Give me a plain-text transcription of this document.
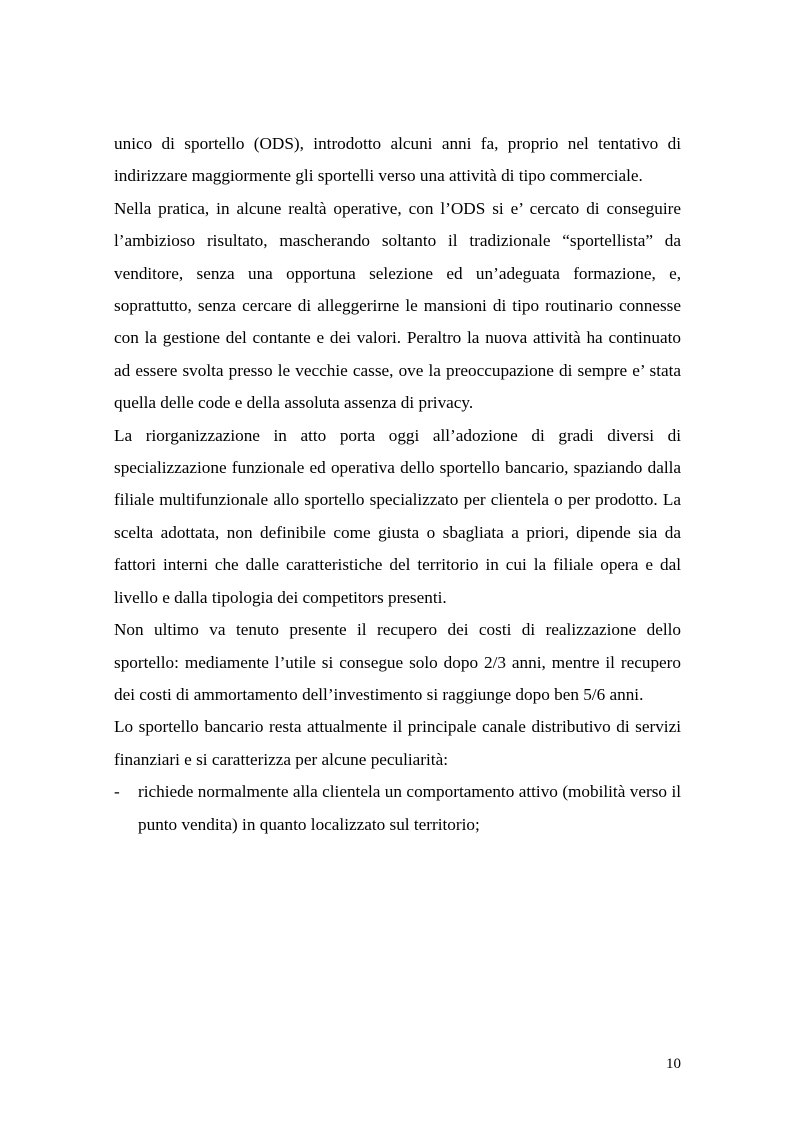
unico di sportello (ODS), introdotto alcuni anni fa, proprio nel tentativo di indirizzare maggiormente gli sportelli verso una attività di tipo commerciale.

Nella pratica, in alcune realtà operative, con l’ODS si e’ cercato di conseguire l’ambizioso risultato, mascherando soltanto il tradizionale “sportellista” da venditore, senza una opportuna selezione ed un’adeguata formazione, e, soprattutto, senza cercare di alleggerirne le mansioni di tipo routinario connesse con la gestione del contante e dei valori. Peraltro la nuova attività ha continuato ad essere svolta presso le vecchie casse, ove la preoccupazione di sempre e’ stata quella delle code e della assoluta assenza di privacy.

La riorganizzazione in atto porta oggi all’adozione di gradi diversi di specializzazione funzionale ed operativa dello sportello bancario, spaziando dalla filiale multifunzionale allo sportello specializzato per clientela o per prodotto. La scelta adottata, non definibile come giusta o sbagliata a priori, dipende sia da fattori interni che dalle caratteristiche del territorio in cui la filiale opera e dal livello e dalla tipologia dei competitors presenti.

Non ultimo va tenuto presente il recupero dei costi di realizzazione dello sportello: mediamente l’utile si consegue solo dopo 2/3 anni, mentre il recupero dei costi di ammortamento dell’investimento si raggiunge dopo ben 5/6 anni.

Lo sportello bancario resta attualmente il principale canale distributivo di servizi finanziari e si caratterizza per alcune peculiarità:

- richiede normalmente alla clientela un comportamento attivo (mobilità verso il punto vendita) in quanto localizzato sul territorio;

10
